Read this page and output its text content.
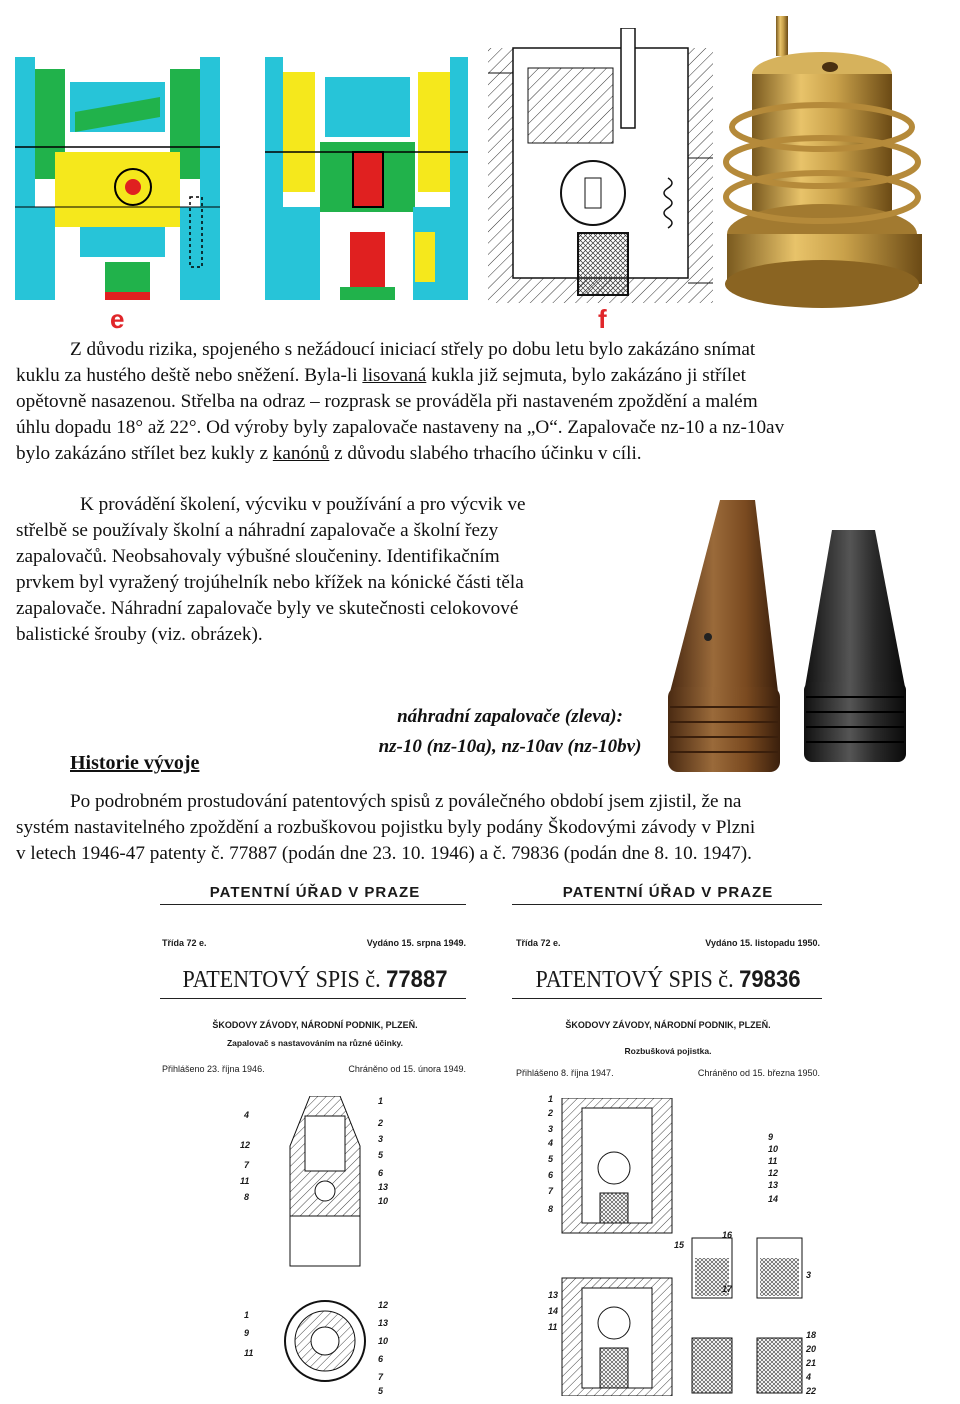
e	f

Z důvodu rizika, spojeného s nežádoucí iniciací střely po dobu letu bylo zakázáno snímat

kuklu za hustého deště nebo sněžení. Byla-li lisovaná kukla již sejmuta, bylo zakázáno ji střílet

opětovně nasazenou. Střelba na odraz – rozprask se prováděla při nastaveném zpoždění a malém

úhlu dopadu 18° až 22°. Od výroby byly zapalovače nastaveny na „O“. Zapalovače nz-10 a nz-10av

bylo zakázáno střílet bez kukly z kanónů z důvodu slabého trhacího účinku v cíli.

K provádění školení, výcviku v používání a pro výcvik ve

střelbě se používaly školní a náhradní zapalovače a školní řezy

zapalovačů. Neobsahovaly výbušné sloučeniny. Identifikačním

prvkem byl vyražený trojúhelník nebo křížek na kónické části těla

zapalovače. Náhradní zapalovače byly ve skutečnosti celokovové

balistické šrouby (viz. obrázek).

náhradní zapalovače (zleva):
nz-10 (nz-10a), nz-10av (nz-10bv)
Historie vývoje

Po podrobném prostudování patentových spisů z poválečného období jsem zjistil, že na

systém nastavitelného zpoždění a rozbuškovou pojistku byly podány Škodovými závody v Plzni

v letech 1946-47 patenty č. 77887 (podán dne 23. 10. 1946) a č. 79836 (podán dne 8. 10. 1947).

PATENTNÍ ÚŘAD V PRAZE
Třída 72 e.	Vydáno 15. srpna 1949.
PATENTOVÝ SPIS č. 77887
ŠKODOVY ZÁVODY, NÁRODNÍ PODNIK, PLZEŇ.
Zapalovač s nastavováním na různé účinky.
Přihlášeno 23. října 1946.	Chráněno od 15. února 1949.
4
12
7
11
8
1
2
3
5
6
13
10
1
9
11
12
13
10
6
7
5
PATENTNÍ ÚŘAD V PRAZE
Třída 72 e.	Vydáno 15. listopadu 1950.
PATENTOVÝ SPIS č. 79836
ŠKODOVY ZÁVODY, NÁRODNÍ PODNIK, PLZEŇ.
Rozbušková pojistka.
Přihlášeno 8. října 1947.	Chráněno od 15. března 1950.
1
2
3
4
5
6
7
8
9
10
11
12
13
14
15
16
17
3
13
14
11
18
20
21
4
22
